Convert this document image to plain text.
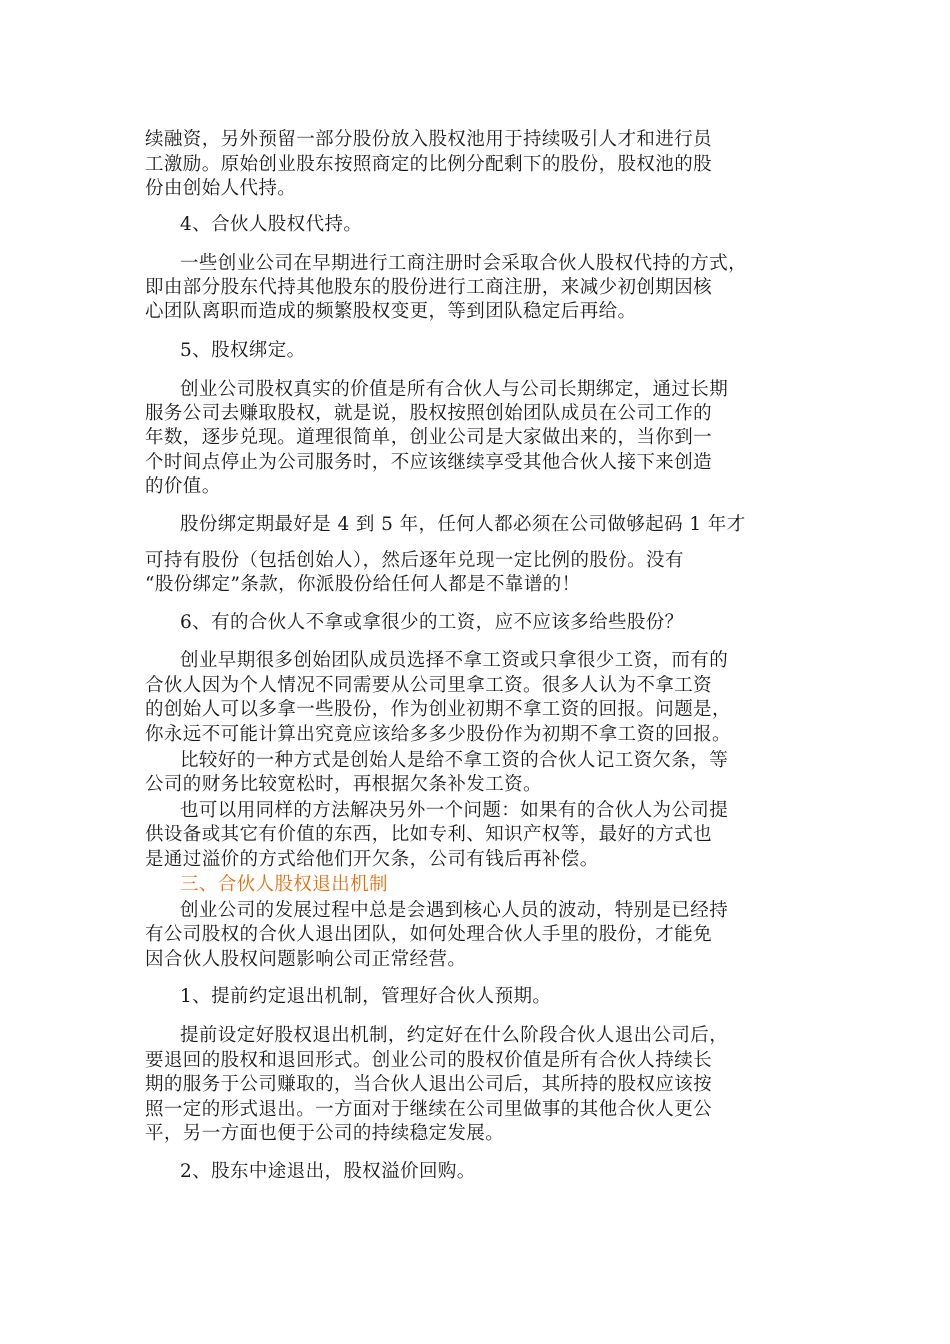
续融资，另外预留一部分股份放入股权池用于持续吸引人才和进行员

工激励。原始创业股东按照商定的比例分配剩下的股份，股权池的股

份由创始人代持。

4、合伙人股权代持。

一些创业公司在早期进行工商注册时会采取合伙人股权代持的方式，

即由部分股东代持其他股东的股份进行工商注册，来减少初创期因核

心团队离职而造成的频繁股权变更，等到团队稳定后再给。

5、股权绑定。

创业公司股权真实的价值是所有合伙人与公司长期绑定，通过长期

服务公司去赚取股权，就是说，股权按照创始团队成员在公司工作的

年数，逐步兑现。道理很简单，创业公司是大家做出来的，当你到一

个时间点停止为公司服务时，不应该继续享受其他合伙人接下来创造

的价值。

股份绑定期最好是 4 到 5 年，任何人都必须在公司做够起码 1 年才

可持有股份（包括创始人），然后逐年兑现一定比例的股份。没有

“股份绑定”条款，你派股份给任何人都是不靠谱的！

6、有的合伙人不拿或拿很少的工资，应不应该多给些股份？

创业早期很多创始团队成员选择不拿工资或只拿很少工资，而有的

合伙人因为个人情况不同需要从公司里拿工资。很多人认为不拿工资

的创始人可以多拿一些股份，作为创业初期不拿工资的回报。问题是，

你永远不可能计算出究竟应该给多多少股份作为初期不拿工资的回报。

比较好的一种方式是创始人是给不拿工资的合伙人记工资欠条，等

公司的财务比较宽松时，再根据欠条补发工资。

也可以用同样的方法解决另外一个问题：如果有的合伙人为公司提

供设备或其它有价值的东西，比如专利、知识产权等，最好的方式也

是通过溢价的方式给他们开欠条，公司有钱后再补偿。

三、合伙人股权退出机制

创业公司的发展过程中总是会遇到核心人员的波动，特别是已经持

有公司股权的合伙人退出团队，如何处理合伙人手里的股份，才能免

因合伙人股权问题影响公司正常经营。

1、提前约定退出机制，管理好合伙人预期。

提前设定好股权退出机制，约定好在什么阶段合伙人退出公司后，

要退回的股权和退回形式。创业公司的股权价值是所有合伙人持续长

期的服务于公司赚取的，当合伙人退出公司后，其所持的股权应该按

照一定的形式退出。一方面对于继续在公司里做事的其他合伙人更公

平，另一方面也便于公司的持续稳定发展。

2、股东中途退出，股权溢价回购。
